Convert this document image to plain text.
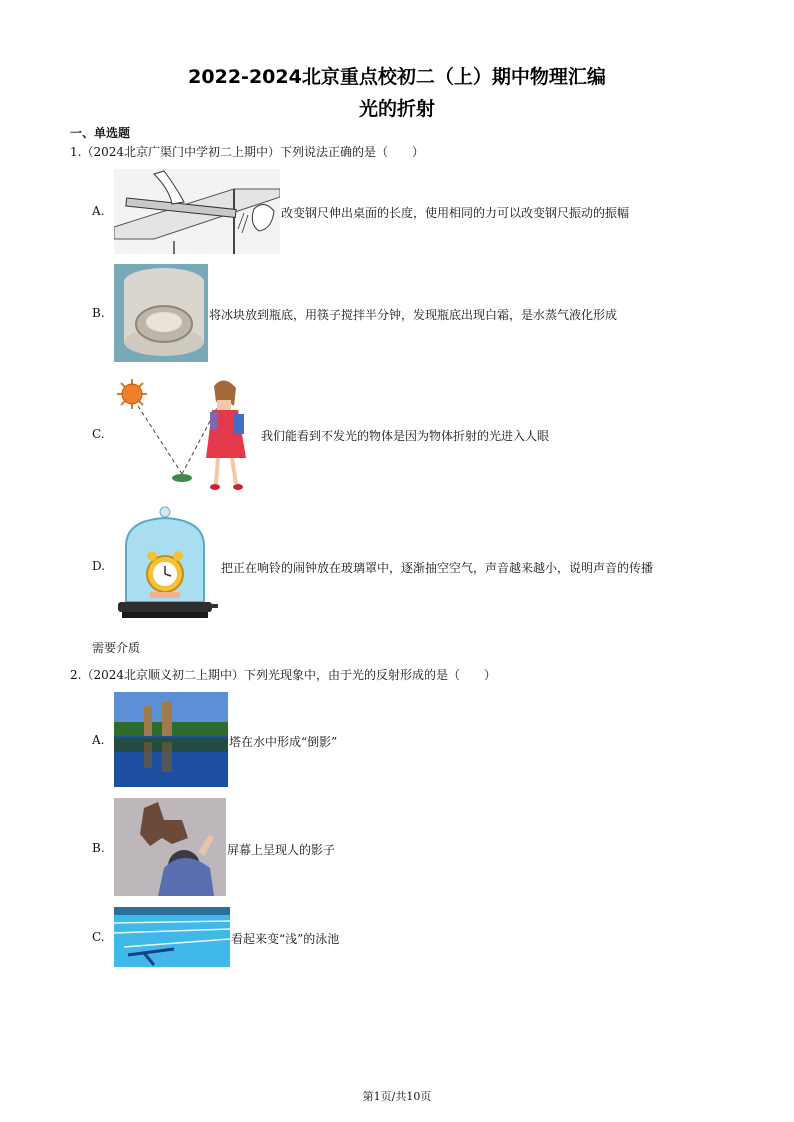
2022-2024北京重点校初二（上）期中物理汇编
光的折射
一、单选题
1.（2024北京广渠门中学初二上期中）下列说法正确的是（　　）
A.	改变钢尺伸出桌面的长度，使用相同的力可以改变钢尺振动的振幅
B.	将冰块放到瓶底，用筷子搅拌半分钟，发现瓶底出现白霜，是水蒸气液化形成
C.	我们能看到不发光的物体是因为物体折射的光进入人眼
D.	把正在响铃的闹钟放在玻璃罩中，逐渐抽空空气，声音越来越小，说明声音的传播
需要介质
2.（2024北京顺义初二上期中）下列光现象中，由于光的反射形成的是（　　）
A.	塔在水中形成“倒影”
B.	屏幕上呈现人的影子
C.	看起来变“浅”的泳池
第1页/共10页
